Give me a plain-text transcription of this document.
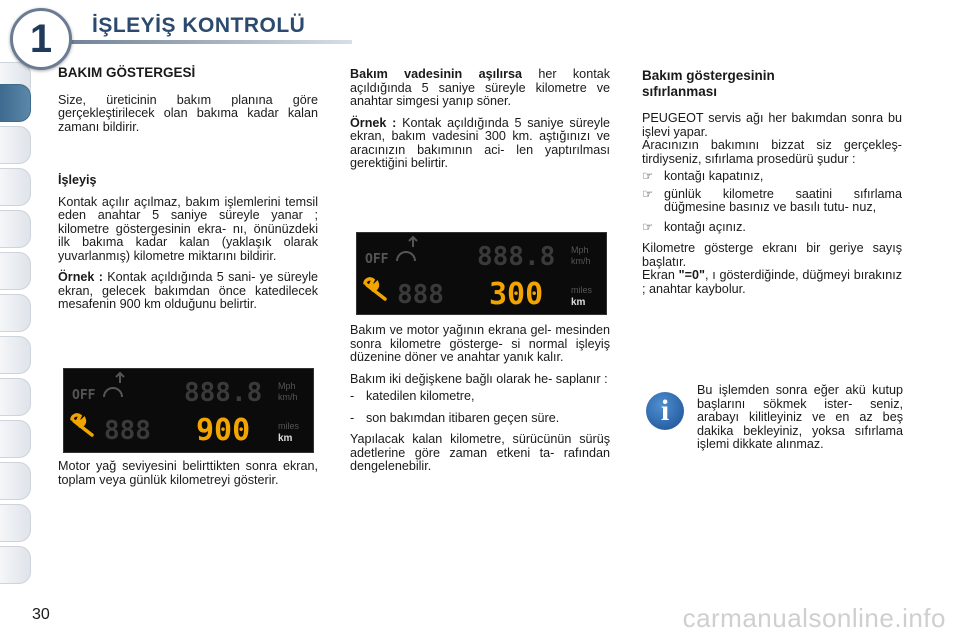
1 İŞLEYİŞ KONTROLÜ

BAKIM GÖSTERGESİ

Size, üreticinin bakım planına göre gerçekleştirilecek olan bakıma kadar kalan zamanı bildirir.

İşleyiş

Kontak açılır açılmaz, bakım işlemlerini temsil eden anahtar 5 saniye süreyle yanar ; kilometre göstergesinin ekra- nı, önünüzdeki ilk bakıma kadar kalan (yaklaşık olarak yuvarlanmış) kilometre miktarını bildirir.

Örnek : Kontak açıldığında 5 sani- ye süreyle ekran, gelecek bakımdan önce katedilecek mesafenin 900 km olduğunu belirtir.

OFF	888.8 Mph
km/h
888 900	miles
km

Motor yağ seviyesini belirttikten sonra ekran, toplam veya günlük kilometreyi gösterir.

Bakım vadesinin aşılırsa her kontak açıldığında 5 saniye süreyle kilometre ve anahtar simgesi yanıp söner.

Örnek : Kontak açıldığında 5 saniye süreyle ekran, bakım vadesini 300 km. aştığınızı ve aracınızın bakımının aci- len yaptırılması gerektiğini belirtir.

OFF	888.8 Mph
km/h
888 300	miles
km

Bakım ve motor yağının ekrana gel- mesinden sonra kilometre gösterge- si normal işleyiş düzenine döner ve anahtar yanık kalır.

Bakım iki değişkene bağlı olarak he- saplanır :

- katedilen kilometre,
- son bakımdan itibaren geçen süre.

Yapılacak kalan kilometre, sürücünün sürüş adetlerine göre zaman etkeni ta- rafından dengelenebilir.

Bakım göstergesinin
sıfırlanması

PEUGEOT servis ağı her bakımdan sonra bu işlevi yapar.

Aracınızın bakımını bizzat siz gerçekleş- tirdiyseniz, sıfırlama prosedürü şudur :

☞ kontağı kapatınız,
☞ günlük kilometre saatini sıfırlama düğmesine basınız ve basılı tutu- nuz,
☞ kontağı açınız.

Kilometre gösterge ekranı bir geriye sayış başlatır.

Ekran "=0", ı gösterdiğinde, düğmeyi bırakınız ; anahtar kaybolur.

i

Bu işlemden sonra eğer akü kutup başlarını sökmek ister- seniz, arabayı kilitleyiniz ve en az beş dakika bekleyiniz, yoksa sıfırlama işlemi dikkate alınmaz.

30	carmanualsonline.info
